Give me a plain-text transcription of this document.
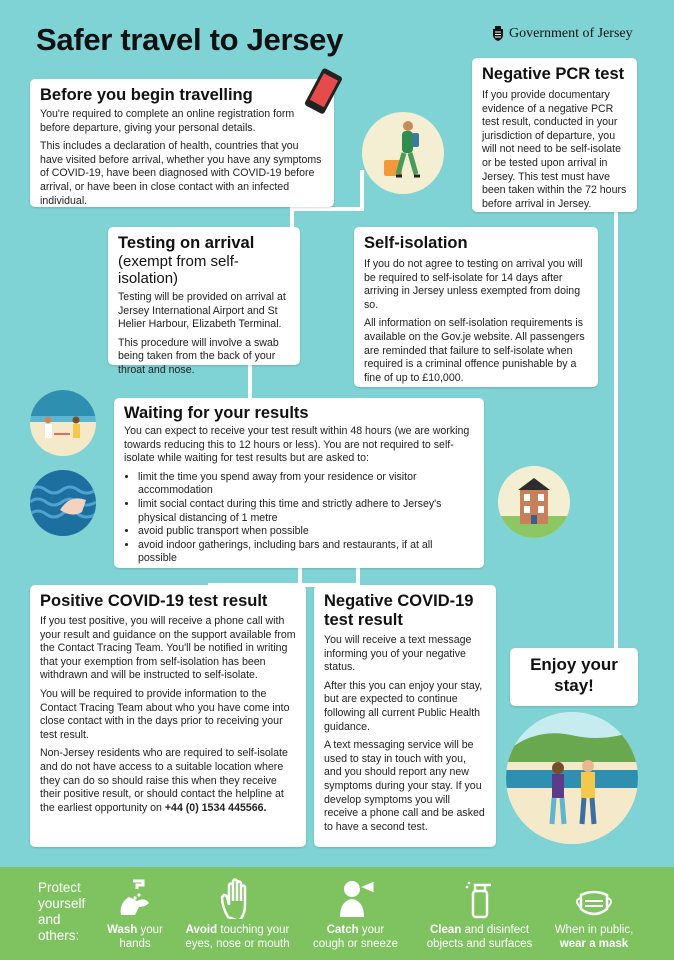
Safer travel to Jersey	Government of Jersey
Before you begin travelling

You're required to complete an online registration form before departure, giving your personal details.

This includes a declaration of health, countries that you have visited before arrival, whether you have any symptoms of COVID-19, have been diagnosed with COVID-19 before arrival, or have been in close contact with an infected individual.

Negative PCR test

If you provide documentary evidence of a negative PCR test result, conducted in your jurisdiction of departure, you will not need to be self-isolate or be tested upon arrival in Jersey. This test must have been taken within the 72 hours before arrival in Jersey.

Testing on arrival
(exempt from self-isolation)

Testing will be provided on arrival at Jersey International Airport and St Helier Harbour, Elizabeth Terminal.

This procedure will involve a swab being taken from the back of your throat and nose.

Self-isolation

If you do not agree to testing on arrival you will be required to self-isolate for 14 days after arriving in Jersey unless exempted from doing so.

All information on self-isolation requirements is available on the Gov.je website. All passengers are reminded that failure to self-isolate when required is a criminal offence punishable by a fine of up to £10,000.

Waiting for your results

You can expect to receive your test result within 48 hours (we are working towards reducing this to 12 hours or less). You are not required to self-isolate while waiting for test results but are asked to:

• limit the time you spend away from your residence or visitor accommodation
• limit social contact during this time and strictly adhere to Jersey's physical distancing of 1 metre
• avoid public transport when possible
• avoid indoor gatherings, including bars and restaurants, if at all possible
Positive COVID-19 test result

If you test positive, you will receive a phone call with your result and guidance on the support available from the Contact Tracing Team. You'll be notified in writing that your exemption from self-isolation has been withdrawn and will be instructed to self-isolate.

You will be required to provide information to the Contact Tracing Team about who you have come into close contact with in the days prior to receiving your test result.

Non-Jersey residents who are required to self-isolate and do not have access to a suitable location where they can do so should raise this when they receive their positive result, or should contact the helpline at the earliest opportunity on +44 (0) 1534 445566.

Negative COVID-19
test result

You will receive a text message informing you of your negative status.

After this you can enjoy your stay, but are expected to continue following all current Public Health guidance.

A text messaging service will be used to stay in touch with you, and you should report any new symptoms during your stay. If you develop symptoms you will receive a phone call and be asked to have a second test.

Enjoy your
stay!
Protect
yourself
and
others:	Wash your
hands
Avoid touching your
eyes, nose or mouth
Catch your
cough or sneeze
Clean and disinfect
objects and surfaces
When in public,
wear a mask
